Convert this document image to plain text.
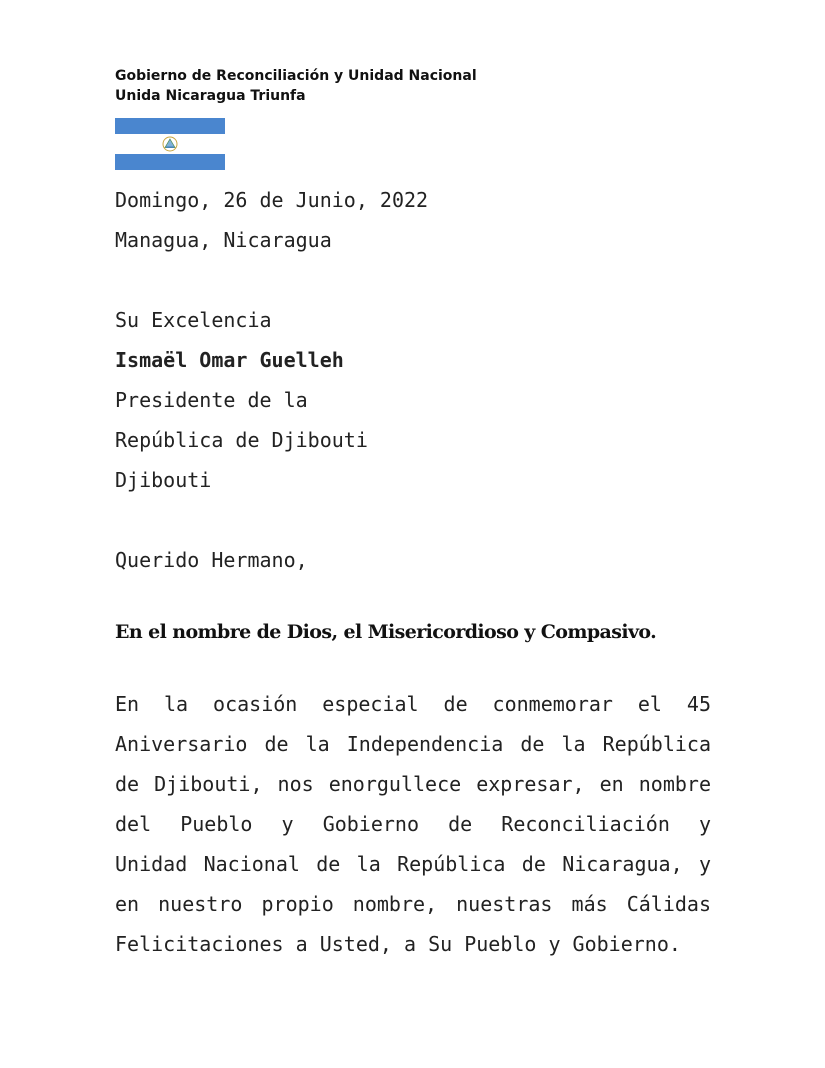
Gobierno de Reconciliación y Unidad Nacional
Unida Nicaragua Triunfa
Domingo, 26 de Junio, 2022
Managua, Nicaragua
Su Excelencia
Ismaël Omar Guelleh
Presidente de la
República de Djibouti
Djibouti
Querido Hermano,
En el nombre de Dios, el Misericordioso y Compasivo.
En la ocasión especial de conmemorar el 45
Aniversario de la Independencia de la República
de Djibouti, nos enorgullece expresar, en nombre
del Pueblo y Gobierno de Reconciliación y
Unidad Nacional de la República de Nicaragua, y
en nuestro propio nombre, nuestras más Cálidas
Felicitaciones a Usted, a Su Pueblo y Gobierno.
